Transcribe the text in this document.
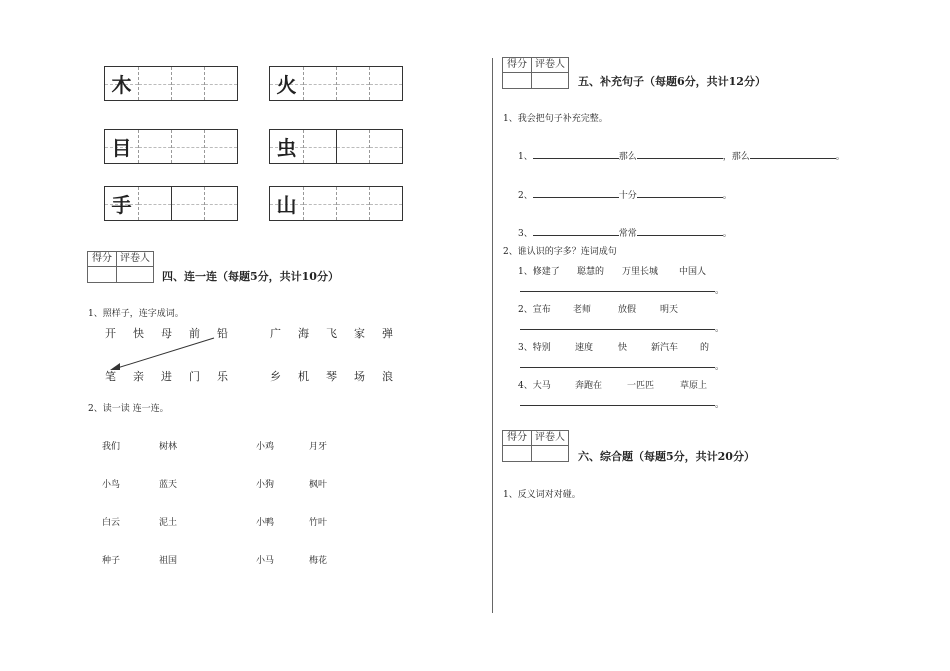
木	火
目	虫
手	山
得分 评卷人
四、连一连（每题5分，共计10分）
1、照样子，连字成词。
开 快 母 前 铅	广 海 飞 家 弹
笔 亲 进 门 乐	乡 机 琴 场 浪
2、读一读 连一连。
我们	树林	小鸡	月牙
小鸟	蓝天	小狗	枫叶
白云	泥土	小鸭	竹叶
种子	祖国	小马	梅花
得分 评卷人
五、补充句子（每题6分，共计12分）
1、我会把句子补充完整。
1、	那么	，那么	。
2、	十分	。
3、	常常	。
2、谁认识的字多？连词成句
1、修建了 聪慧的 万里长城 中国人
。
2、宣布 老师	放假	明天
。
3、特别	速度	快	新汽车 的
。
4、大马	奔跑在	一匹匹	草原上
。
得分 评卷人
六、综合题（每题5分，共计20分）
1、反义词对对碰。
